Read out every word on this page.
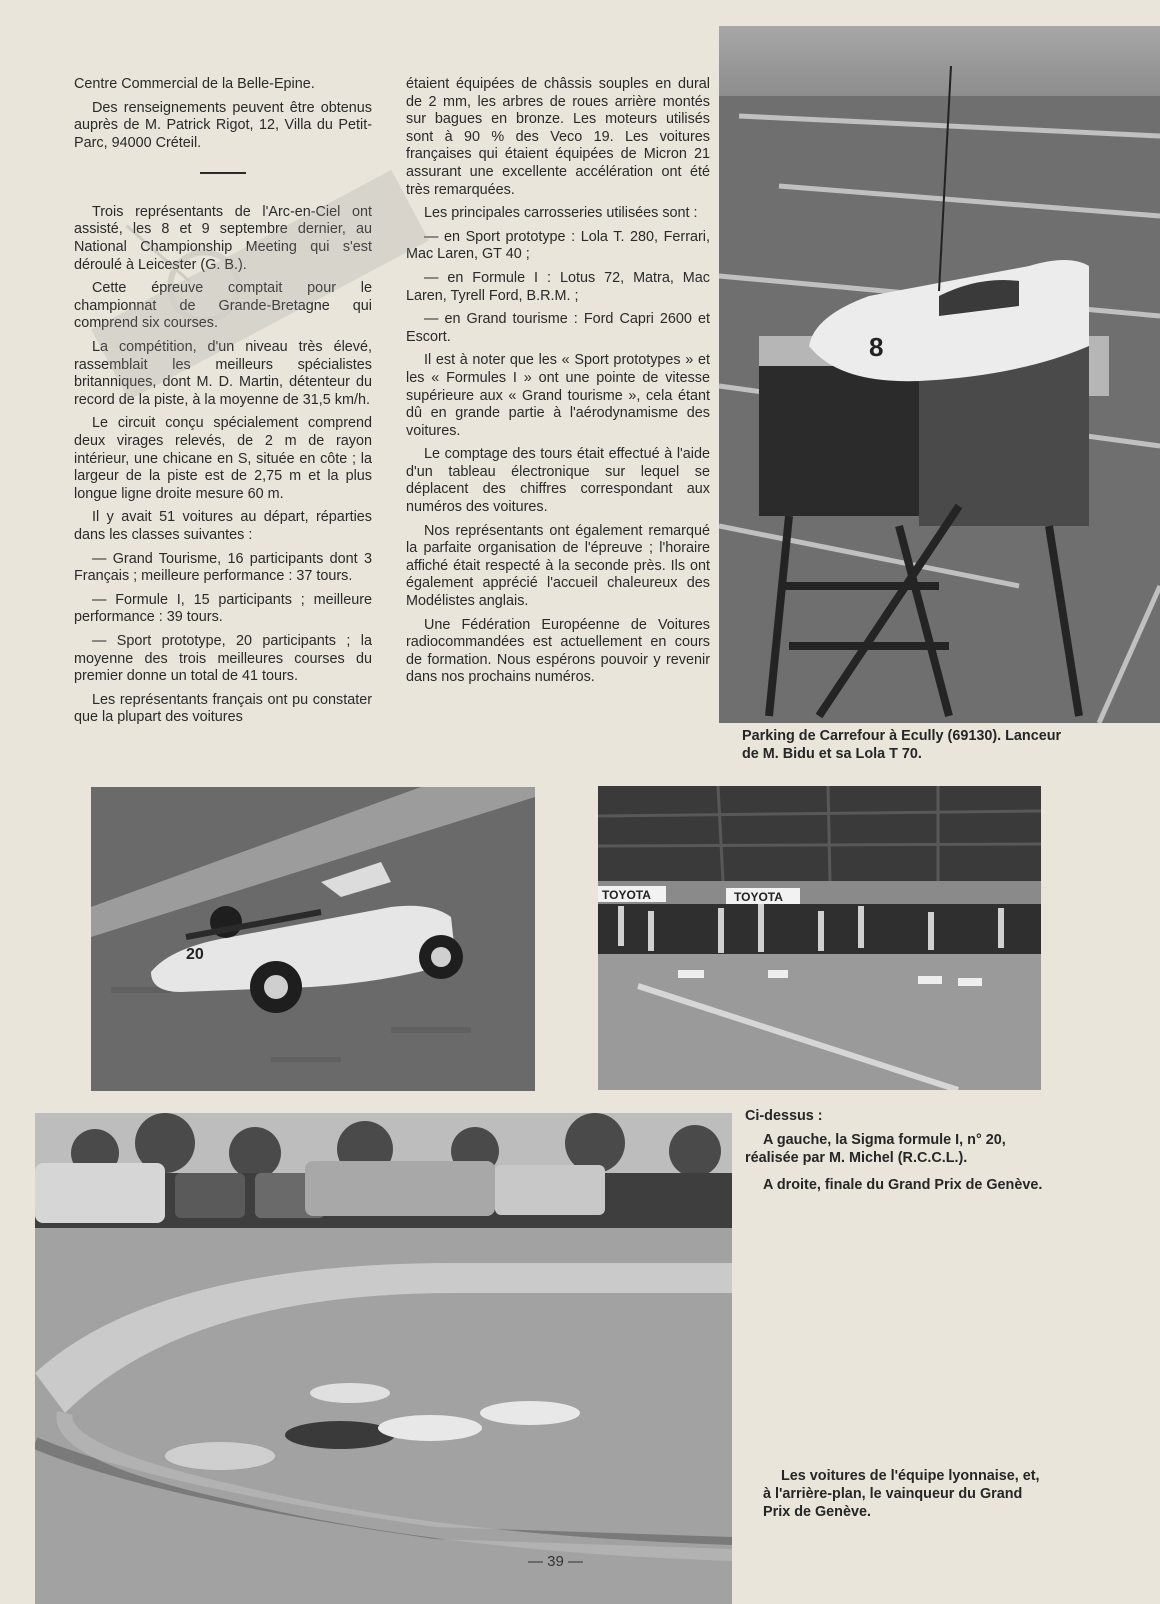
Centre Commercial de la Belle-Epine.

Des renseignements peuvent être obtenus auprès de M. Patrick Rigot, 12, Villa du Petit-Parc, 94000 Créteil.

Trois représentants de l'Arc-en-Ciel ont assisté, les 8 et 9 septembre dernier, au National Championship Meeting qui s'est déroulé à Leicester (G. B.).

Cette épreuve comptait pour le championnat de Grande-Bretagne qui comprend six courses.

La compétition, d'un niveau très élevé, rassemblait les meilleurs spécialistes britanniques, dont M. D. Martin, détenteur du record de la piste, à la moyenne de 31,5 km/h.

Le circuit conçu spécialement comprend deux virages relevés, de 2 m de rayon intérieur, une chicane en S, située en côte ; la largeur de la piste est de 2,75 m et la plus longue ligne droite mesure 60 m.

Il y avait 51 voitures au départ, réparties dans les classes suivantes :

— Grand Tourisme, 16 participants dont 3 Français ; meilleure performance : 37 tours.

— Formule I, 15 participants ; meilleure performance : 39 tours.

— Sport prototype, 20 participants ; la moyenne des trois meilleures courses du premier donne un total de 41 tours.

Les représentants français ont pu constater que la plupart des voitures

étaient équipées de châssis souples en dural de 2 mm, les arbres de roues arrière montés sur bagues en bronze. Les moteurs utilisés sont à 90 % des Veco 19. Les voitures françaises qui étaient équipées de Micron 21 assurant une excellente accélération ont été très remarquées.

Les principales carrosseries utilisées sont :

— en Sport prototype : Lola T. 280, Ferrari, Mac Laren, GT 40 ;

— en Formule I : Lotus 72, Matra, Mac Laren, Tyrell Ford, B.R.M. ;

— en Grand tourisme : Ford Capri 2600 et Escort.

Il est à noter que les « Sport prototypes » et les « Formules I » ont une pointe de vitesse supérieure aux « Grand tourisme », cela étant dû en grande partie à l'aérodynamisme des voitures.

Le comptage des tours était effectué à l'aide d'un tableau électronique sur lequel se déplacent des chiffres correspondant aux numéros des voitures.

Nos représentants ont également remarqué la parfaite organisation de l'épreuve ; l'horaire affiché était respecté à la seconde près. Ils ont également apprécié l'accueil chaleureux des Modélistes anglais.

Une Fédération Européenne de Voitures radiocommandées est actuellement en cours de formation. Nous espérons pouvoir y revenir dans nos prochains numéros.

8

Parking de Carrefour à Ecully (69130). Lanceur de M. Bidu et sa Lola T 70.

20
TOYOTA	TOYOTA

Ci-dessus :

A gauche, la Sigma formule I, n° 20, réalisée par M. Michel (R.C.C.L.).

A droite, finale du Grand Prix de Genève.

Les voitures de l'équipe lyonnaise, et, à l'arrière-plan, le vainqueur du Grand Prix de Genève.

— 39 —
